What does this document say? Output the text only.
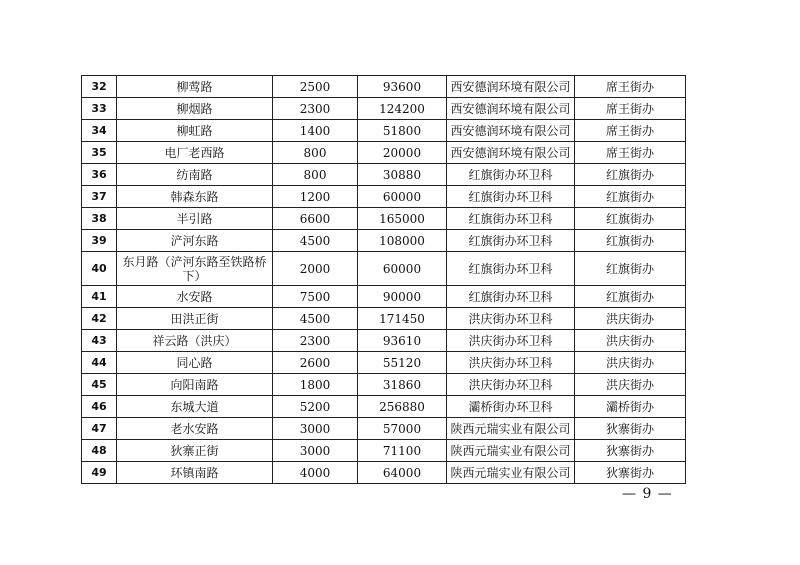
32	柳莺路	2500	93600	西安德润环境有限公司	席王街办
33	柳烟路	2300	124200	西安德润环境有限公司	席王街办
34	柳虹路	1400	51800	西安德润环境有限公司	席王街办
35	电厂老西路	800	20000	西安德润环境有限公司	席王街办
36	纺南路	800	30880	红旗街办环卫科	红旗街办
37	韩森东路	1200	60000	红旗街办环卫科	红旗街办
38	半引路	6600	165000	红旗街办环卫科	红旗街办
39	浐河东路	4500	108000	红旗街办环卫科	红旗街办
40	东月路（浐河东路至铁路桥下）	2000	60000	红旗街办环卫科	红旗街办
41	水安路	7500	90000	红旗街办环卫科	红旗街办
42	田洪正街	4500	171450	洪庆街办环卫科	洪庆街办
43	祥云路（洪庆）	2300	93610	洪庆街办环卫科	洪庆街办
44	同心路	2600	55120	洪庆街办环卫科	洪庆街办
45	向阳南路	1800	31860	洪庆街办环卫科	洪庆街办
46	东城大道	5200	256880	灞桥街办环卫科	灞桥街办
47	老水安路	3000	57000	陕西元瑞实业有限公司	狄寨街办
48	狄寨正街	3000	71100	陕西元瑞实业有限公司	狄寨街办
49	环镇南路	4000	64000	陕西元瑞实业有限公司	狄寨街办
— 9 —
